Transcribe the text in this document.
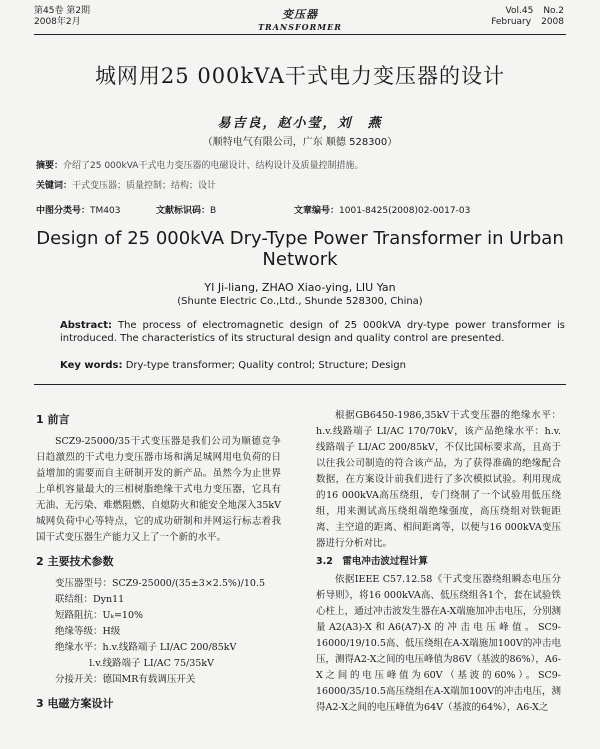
第45卷 第2期
2008年2月
变压器
TRANSFORMER
Vol.45 No.2
February 2008
城网用25 000kVA干式电力变压器的设计
易吉良，赵小莹，刘　燕
（顺特电气有限公司，广东 顺德 528300）
摘要：介绍了25 000kVA干式电力变压器的电磁设计、结构设计及质量控制措施。
关键词：干式变压器；质量控制；结构；设计
中图分类号：TM403	文献标识码：B	文章编号：1001-8425(2008)02-0017-03
Design of 25 000kVA Dry-Type Power Transformer in Urban Network
YI Ji-liang, ZHAO Xiao-ying, LIU Yan
(Shunte Electric Co.,Ltd., Shunde 528300, China)
Abstract: The process of electromagnetic design of 25 000kVA dry-type power transformer is introduced. The characteristics of its structural design and quality control are presented.
Key words: Dry-type transformer; Quality control; Structure; Design
1 前言

SCZ9-25000/35干式变压器是我们公司为顺德竞争日趋激烈的干式电力变压器市场和满足城网用电负荷的日益增加的需要而自主研制开发的新产品。虽然今为止世界上单机容量最大的三相树脂绝缘干式电力变压器，它具有无油、无污染、难燃阻燃、自熄防火和能安全地深入35kV城网负荷中心等特点，它的成功研制和并网运行标志着我国干式变压器生产能力又上了一个新的水平。

2 主要技术参数

变压器型号：SCZ9-25000/(35±3×2.5%)/10.5

联结组：Dyn11

短路阻抗：Uₖ=10%

绝缘等级：H级

绝缘水平：h.v.线路端子 LI/AC 200/85kV

l.v.线路端子 LI/AC 75/35kV

分接开关：德国MR有载调压开关

3 电磁方案设计

根据GB6450-1986,35kV干式变压器的绝缘水平：h.v.线路端子 LI/AC 170/70kV，该产品绝缘水平：h.v.线路端子 LI/AC 200/85kV，不仅比国标要求高，且高于以往我公司制造的符合该产品，为了获得准确的绝缘配合数据，在方案设计前我们进行了多次模拟试验。利用现成的16 000kVA高压绕组，专门绕制了一个试验用低压绕组，用来测试高压绕组端绝缘强度，高压绕组对铁轭距离、主空道的距离、相间距离等，以便与16 000kVA变压器进行分析对比。

3.2　雷电冲击波过程计算

依据IEEE C57.12.58《干式变压器绕组瞬态电压分析导则》，将16 000kVA高、低压绕组各1个，套在试验铁心柱上，通过冲击波发生器在A-X端施加冲击电压，分别测量A2(A3)-X和A6(A7)-X的冲击电压峰值。SC9-16000/19/10.5高、低压绕组在A-X端施加100V的冲击电压，测得A2-X之间的电压峰值为86V（基波的86%），A6-X之间的电压峰值为60V（基波的60%）。SC9-16000/35/10.5高压绕组在A-X端加100V的冲击电压，测得A2-X之间的电压峰值为64V（基波的64%），A6-X之
